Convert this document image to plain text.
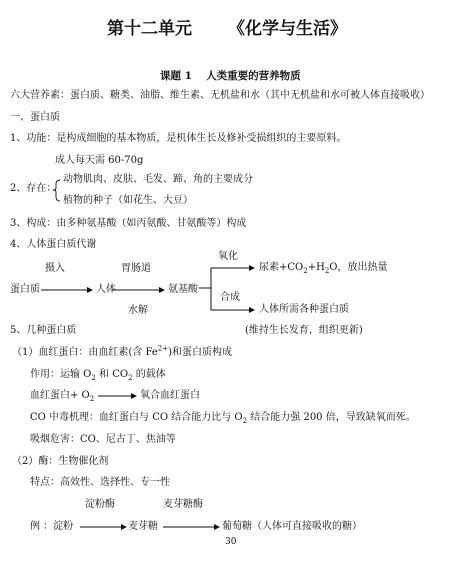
第十二单元 《化学与生活》
课题 1　 人类重要的营养物质
六大营养素：蛋白质、糖类、油脂、维生素、无机盐和水（其中无机盐和水可被人体直接吸收）
一、蛋白质
1、功能：是构成细胞的基本物质，是机体生长及修补受损组织的主要原料。
成人每天需 60-70g
2、存在：
动物肌肉、皮肤、毛发、蹄、角的主要成分
植物的种子（如花生、大豆）
3、构成：由多种氨基酸（如丙氨酸、甘氨酸等）构成
4、人体蛋白质代谢
摄入	胃肠道
蛋白质	人体	氨基酸
水解
氧化
尿素$+CO_2+H_2O$，放出热量
合成
人体所需各种蛋白质
(维持生长发育，组织更新)
5、几种蛋白质
（1）血红蛋白：由血红素(含 $Fe^{2+}$)和蛋白质构成
作用：运输 $O_2$ 和 $CO_2$ 的载体
血红蛋白+ $O_2$	氧合血红蛋白
CO 中毒机理：血红蛋白与 CO 结合能力比与 $O_2$ 结合能力强 200 倍，导致缺氧而死。
吸烟危害：CO、尼古丁、焦油等
（2）酶：生物催化剂
特点：高效性、选择性、专一性
淀粉酶	麦芽糖酶
例 ：淀粉	麦芽糖	葡萄糖（人体可直接吸收的糖）
30
